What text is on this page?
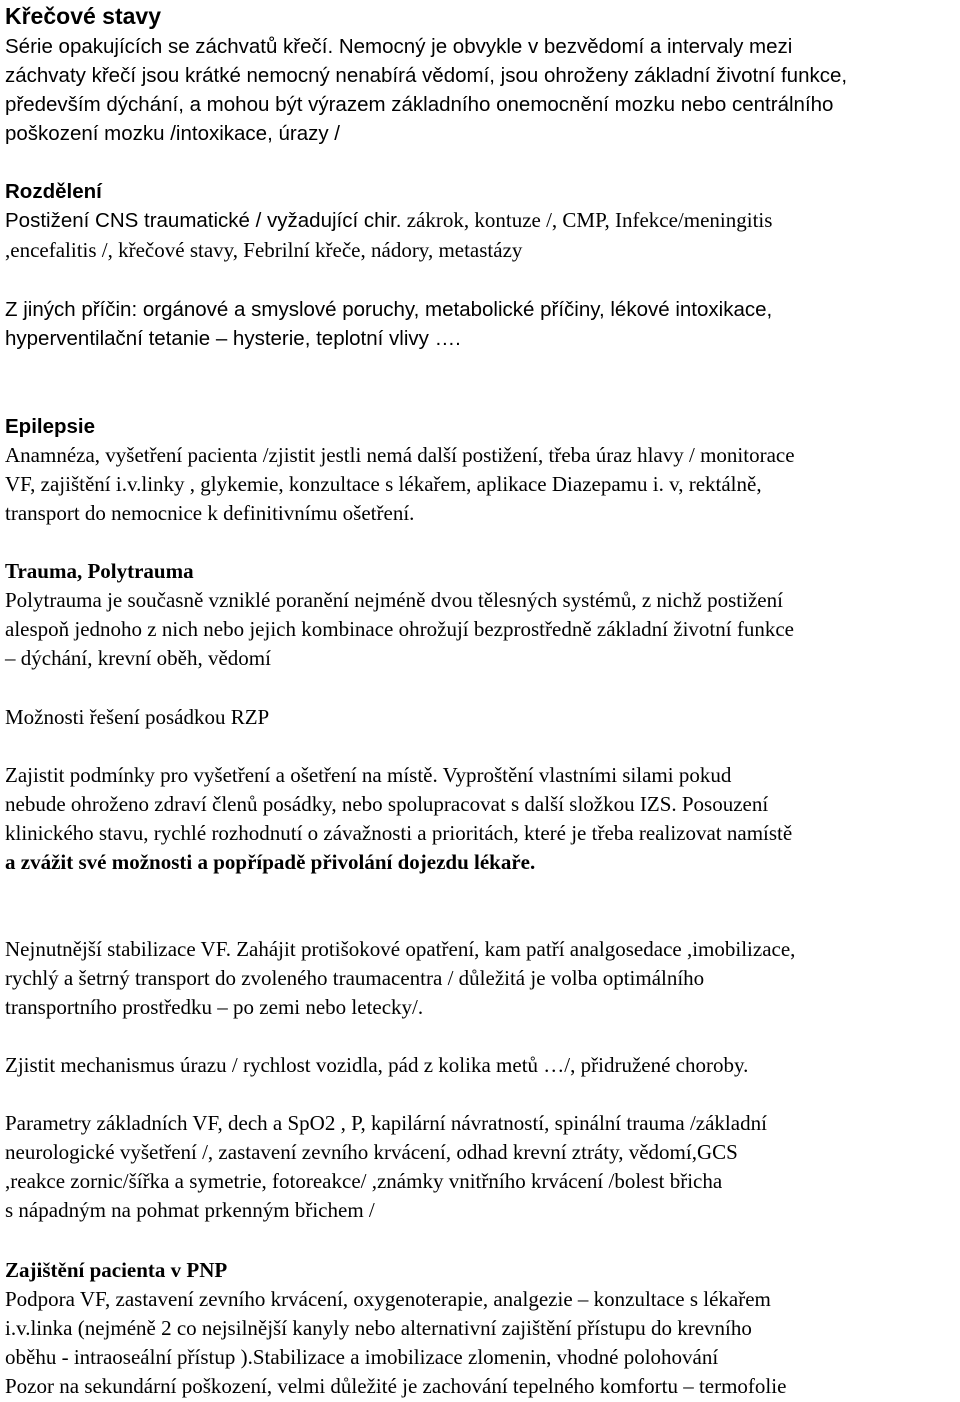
Křečové stavy
Série opakujících se záchvatů křečí. Nemocný je obvykle v bezvědomí a intervaly mezi
záchvaty křečí jsou krátké nemocný nenabírá vědomí, jsou ohroženy základní životní funkce,
především dýchání, a mohou být výrazem základního onemocnění mozku nebo centrálního
poškození mozku /intoxikace, úrazy /
Rozdělení
Postižení CNS traumatické / vyžadující chir. zákrok, kontuze /, CMP, Infekce/meningitis
,encefalitis /, křečové stavy, Febrilní křeče, nádory, metastázy
Z jiných příčin: orgánové a smyslové poruchy, metabolické příčiny, lékové intoxikace,
hyperventilační tetanie – hysterie, teplotní vlivy ….
Epilepsie
Anamnéza, vyšetření pacienta /zjistit jestli nemá další postižení, třeba úraz hlavy / monitorace
VF, zajištění i.v.linky , glykemie, konzultace s lékařem, aplikace Diazepamu i. v, rektálně,
transport do nemocnice k definitivnímu ošetření.
Trauma, Polytrauma
Polytrauma je současně vzniklé poranění nejméně dvou tělesných systémů, z nichž postižení
alespoň jednoho z nich nebo jejich kombinace ohrožují bezprostředně základní životní funkce
– dýchání, krevní oběh, vědomí
Možnosti řešení posádkou RZP
Zajistit podmínky pro vyšetření a ošetření na místě. Vyproštění vlastními silami pokud
nebude ohroženo zdraví členů posádky, nebo spolupracovat s další složkou IZS. Posouzení
klinického stavu, rychlé rozhodnutí o závažnosti a prioritách, které je třeba realizovat namístě
a zvážit své možnosti a popřípadě přivolání dojezdu lékaře.
Nejnutnější stabilizace VF. Zahájit protišokové opatření, kam patří analgosedace ,imobilizace,
rychlý a šetrný transport do zvoleného traumacentra / důležitá je volba optimálního
transportního prostředku – po zemi nebo letecky/.
Zjistit mechanismus úrazu / rychlost vozidla, pád z kolika metů …/, přidružené choroby.
Parametry základních VF, dech a SpO2 , P, kapilární návratností, spinální trauma /základní
neurologické vyšetření /, zastavení zevního krvácení, odhad krevní ztráty, vědomí,GCS
,reakce zornic/šířka a symetrie, fotoreakce/ ,známky vnitřního krvácení /bolest břicha
s nápadným na pohmat prkenným břichem /
Zajištění pacienta v PNP
Podpora VF, zastavení zevního krvácení, oxygenoterapie, analgezie – konzultace s lékařem
i.v.linka (nejméně 2 co nejsilnější kanyly nebo alternativní zajištění přístupu do krevního
oběhu - intraoseální přístup ).Stabilizace a imobilizace zlomenin, vhodné polohování
Pozor na sekundární poškození, velmi důležité je zachování tepelného komfortu – termofolie
